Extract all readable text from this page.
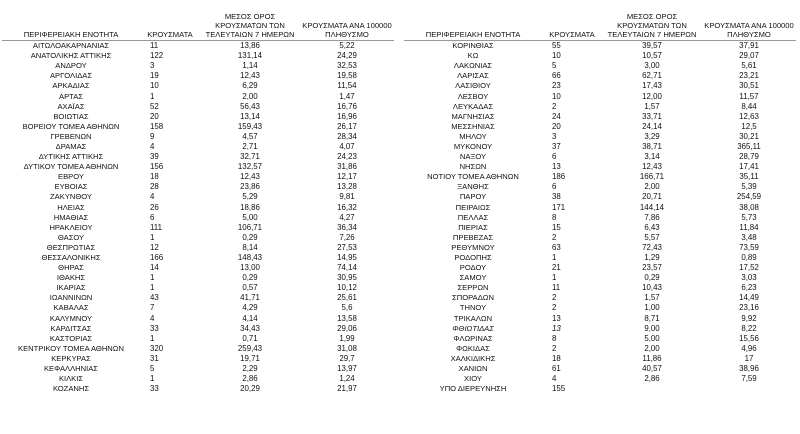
ΠΕΡΙΦΕΡΕΙΑΚΗ ΕΝΟΤΗΤΑ	ΚΡΟΥΣΜΑΤΑ	ΜΕΣΟΣ ΟΡΟΣ
ΚΡΟΥΣΜΑΤΩΝ ΤΩΝ
ΤΕΛΕΥΤΑΙΩΝ 7 ΗΜΕΡΩΝ	ΚΡΟΥΣΜΑΤΑ ΑΝΑ 100000
ΠΛΗΘΥΣΜΟ
ΑΙΤΩΛΟΑΚΑΡΝΑΝΙΑΣ	11	13,86	5,22
ΑΝΑΤΟΛΙΚΗΣ ΑΤΤΙΚΗΣ	122	131,14	24,29
ΑΝΔΡΟΥ	3	1,14	32,53
ΑΡΓΟΛΙΔΑΣ	19	12,43	19,58
ΑΡΚΑΔΙΑΣ	10	6,29	11,54
ΑΡΤΑΣ	1	2,00	1,47
ΑΧΑΪΑΣ	52	56,43	16,76
ΒΟΙΩΤΙΑΣ	20	13,14	16,96
ΒΟΡΕΙΟΥ ΤΟΜΕΑ ΑΘΗΝΩΝ	158	159,43	26,17
ΓΡΕΒΕΝΩΝ	9	4,57	28,34
ΔΡΑΜΑΣ	4	2,71	4,07
ΔΥΤΙΚΗΣ ΑΤΤΙΚΗΣ	39	32,71	24,23
ΔΥΤΙΚΟΥ ΤΟΜΕΑ ΑΘΗΝΩΝ	156	132,57	31,86
ΕΒΡΟΥ	18	12,43	12,17
ΕΥΒΟΙΑΣ	28	23,86	13,28
ΖΑΚΥΝΘΟΥ	4	5,29	9,81
ΗΛΕΙΑΣ	26	18,86	16,32
ΗΜΑΘΙΑΣ	6	5,00	4,27
ΗΡΑΚΛΕΙΟΥ	111	106,71	36,34
ΘΑΣΟΥ	1	0,29	7,26
ΘΕΣΠΡΩΤΙΑΣ	12	8,14	27,53
ΘΕΣΣΑΛΟΝΙΚΗΣ	166	148,43	14,95
ΘΗΡΑΣ	14	13,00	74,14
ΙΘΑΚΗΣ	1	0,29	30,95
ΙΚΑΡΙΑΣ	1	0,57	10,12
ΙΩΑΝΝΙΝΩΝ	43	41,71	25,61
ΚΑΒΑΛΑΣ	7	4,29	5,6
ΚΑΛΥΜΝΟΥ	4	4,14	13,58
ΚΑΡΔΙΤΣΑΣ	33	34,43	29,06
ΚΑΣΤΟΡΙΑΣ	1	0,71	1,99
ΚΕΝΤΡΙΚΟΥ ΤΟΜΕΑ ΑΘΗΝΩΝ	320	259,43	31,08
ΚΕΡΚΥΡΑΣ	31	19,71	29,7
ΚΕΦΑΛΛΗΝΙΑΣ	5	2,29	13,97
ΚΙΛΚΙΣ	1	2,86	1,24
ΚΟΖΑΝΗΣ	33	20,29	21,97
ΠΕΡΙΦΕΡΕΙΑΚΗ ΕΝΟΤΗΤΑ	ΚΡΟΥΣΜΑΤΑ	ΜΕΣΟΣ ΟΡΟΣ
ΚΡΟΥΣΜΑΤΩΝ ΤΩΝ
ΤΕΛΕΥΤΑΙΩΝ 7 ΗΜΕΡΩΝ	ΚΡΟΥΣΜΑΤΑ ΑΝΑ 100000
ΠΛΗΘΥΣΜΟ
ΚΟΡΙΝΘΙΑΣ	55	39,57	37,91
ΚΩ	10	10,57	29,07
ΛΑΚΩΝΙΑΣ	5	3,00	5,61
ΛΑΡΙΣΑΣ	66	62,71	23,21
ΛΑΣΙΘΙΟΥ	23	17,43	30,51
ΛΕΣΒΟΥ	10	12,00	11,57
ΛΕΥΚΑΔΑΣ	2	1,57	8,44
ΜΑΓΝΗΣΙΑΣ	24	33,71	12,63
ΜΕΣΣΗΝΙΑΣ	20	24,14	12,5
ΜΗΛΟΥ	3	3,29	30,21
ΜΥΚΟΝΟΥ	37	38,71	365,11
ΝΑΞΟΥ	6	3,14	28,79
ΝΗΣΩΝ	13	12,43	17,41
ΝΟΤΙΟΥ ΤΟΜΕΑ ΑΘΗΝΩΝ	186	166,71	35,11
ΞΑΝΘΗΣ	6	2,00	5,39
ΠΑΡΟΥ	38	20,71	254,59
ΠΕΙΡΑΙΩΣ	171	144,14	38,08
ΠΕΛΛΑΣ	8	7,86	5,73
ΠΙΕΡΙΑΣ	15	6,43	11,84
ΠΡΕΒΕΖΑΣ	2	5,57	3,48
ΡΕΘΥΜΝΟΥ	63	72,43	73,59
ΡΟΔΟΠΗΣ	1	1,29	0,89
ΡΟΔΟΥ	21	23,57	17,52
ΣΑΜΟΥ	1	0,29	3,03
ΣΕΡΡΩΝ	11	10,43	6,23
ΣΠΟΡΑΔΩΝ	2	1,57	14,49
ΤΗΝΟΥ	2	1,00	23,16
ΤΡΙΚΑΛΩΝ	13	8,71	9,92
ΦΘΙΩΤΙΔΑΣ	13	9,00	8,22
ΦΛΩΡΙΝΑΣ	8	5,00	15,56
ΦΩΚΙΔΑΣ	2	2,00	4,96
ΧΑΛΚΙΔΙΚΗΣ	18	11,86	17
ΧΑΝΙΩΝ	61	40,57	38,96
ΧΙΟΥ	4	2,86	7,59
ΥΠΟ ΔΙΕΡΕΥΝΗΣΗ	155		
